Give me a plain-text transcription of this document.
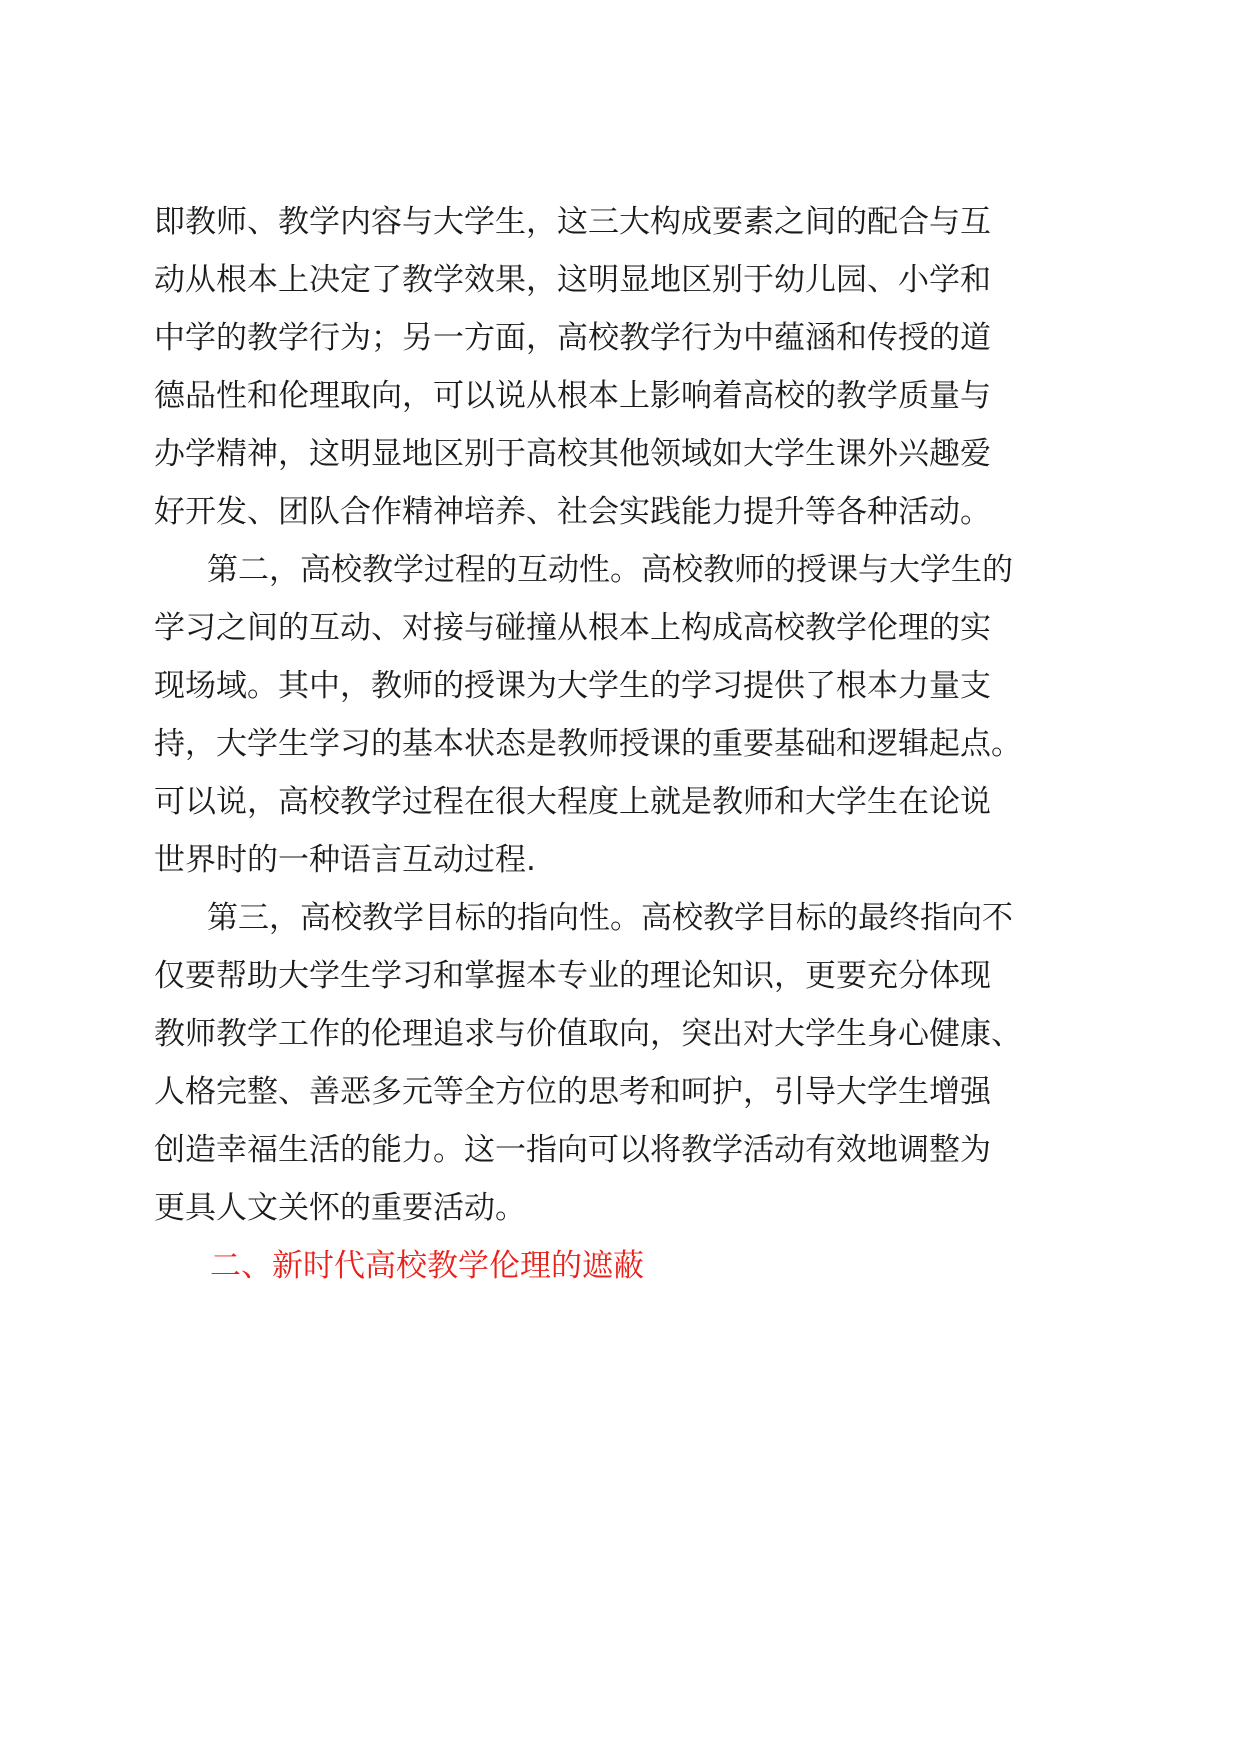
即教师、教学内容与大学生，这三大构成要素之间的配合与互
动从根本上决定了教学效果，这明显地区别于幼儿园、小学和
中学的教学行为；另一方面，高校教学行为中蕴涵和传授的道
德品性和伦理取向，可以说从根本上影响着高校的教学质量与
办学精神，这明显地区别于高校其他领域如大学生课外兴趣爱
好开发、团队合作精神培养、社会实践能力提升等各种活动。
第二，高校教学过程的互动性。高校教师的授课与大学生的
学习之间的互动、对接与碰撞从根本上构成高校教学伦理的实
现场域。其中，教师的授课为大学生的学习提供了根本力量支
持，大学生学习的基本状态是教师授课的重要基础和逻辑起点。
可以说，高校教学过程在很大程度上就是教师和大学生在论说
世界时的一种语言互动过程.
第三，高校教学目标的指向性。高校教学目标的最终指向不
仅要帮助大学生学习和掌握本专业的理论知识，更要充分体现
教师教学工作的伦理追求与价值取向，突出对大学生身心健康、
人格完整、善恶多元等全方位的思考和呵护，引导大学生增强
创造幸福生活的能力。这一指向可以将教学活动有效地调整为
更具人文关怀的重要活动。
二、新时代高校教学伦理的遮蔽
